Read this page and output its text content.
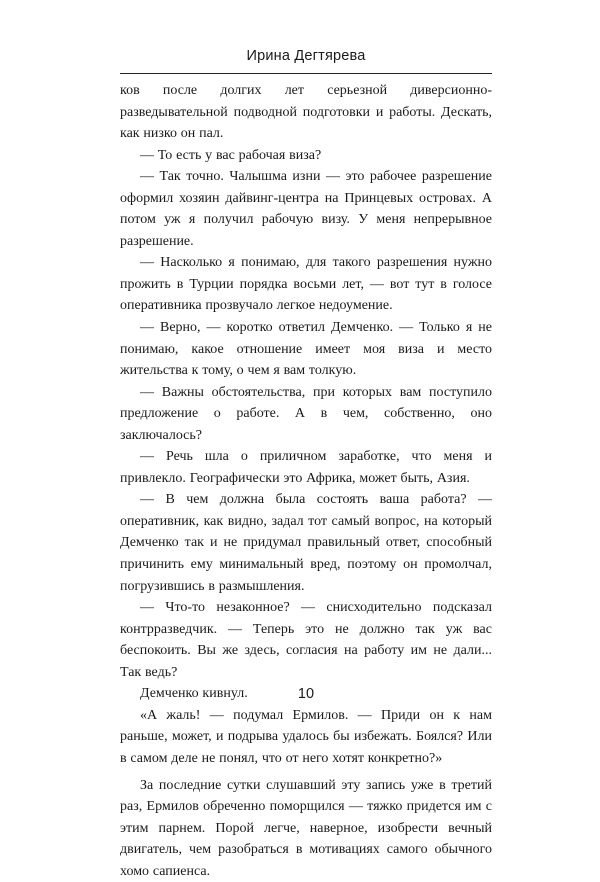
Ирина Дегтярева

ков после долгих лет серьезной диверсионно-разведывательной подводной подготовки и работы. Дескать, как низко он пал.

— То есть у вас рабочая виза?

— Так точно. Чалышма изни — это рабочее разрешение оформил хозяин дайвинг-центра на Принцевых островах. А потом уж я получил рабочую визу. У меня непрерывное разрешение.

— Насколько я понимаю, для такого разрешения нужно прожить в Турции порядка восьми лет, — вот тут в голосе оперативника прозвучало легкое недоумение.

— Верно, — коротко ответил Демченко. — Только я не понимаю, какое отношение имеет моя виза и место жительства к тому, о чем я вам толкую.

— Важны обстоятельства, при которых вам поступило предложение о работе. А в чем, собственно, оно заключалось?

— Речь шла о приличном заработке, что меня и привлекло. Географически это Африка, может быть, Азия.

— В чем должна была состоять ваша работа? — оперативник, как видно, задал тот самый вопрос, на который Демченко так и не придумал правильный ответ, способный причинить ему минимальный вред, поэтому он промолчал, погрузившись в размышления.

— Что-то незаконное? — снисходительно подсказал контрразведчик. — Теперь это не должно так уж вас беспокоить. Вы же здесь, согласия на работу им не дали... Так ведь?

Демченко кивнул.

«А жаль! — подумал Ермилов. — Приди он к нам раньше, может, и подрыва удалось бы избежать. Боялся? Или в самом деле не понял, что от него хотят конкретно?»

За последние сутки слушавший эту запись уже в третий раз, Ермилов обреченно поморщился — тяжко придется им с этим парнем. Порой легче, наверное, изобрести вечный двигатель, чем разобраться в мотивациях самого обычного хомо сапиенса.

10
